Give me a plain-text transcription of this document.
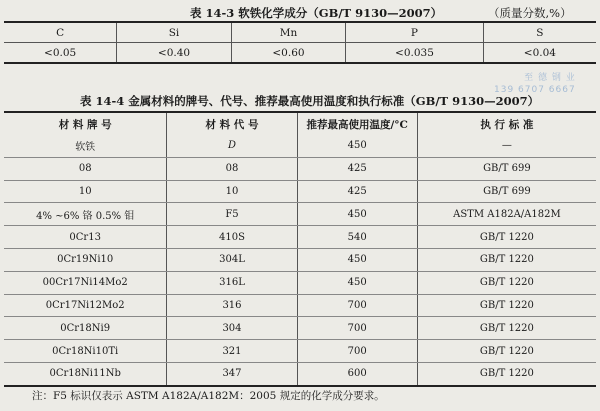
表 14-3 软铁化学成分（GB/T 9130—2007）	（质量分数,%）
C	Si	Mn	P	S
<0.05	<0.40	<0.60	<0.035	<0.04
至 德 钢 业
139 6707 6667
表 14-4 金属材料的牌号、代号、推荐最高使用温度和执行标准（GB/T 9130—2007）
材 料 牌 号	材 料 代 号	推荐最高使用温度/°C	执 行 标 准
软铁	D	450	—
08	08	425	GB/T 699
10	10	425	GB/T 699
4% ~6% 铬 0.5% 钼	F5	450	ASTM A182A/A182M
0Cr13	410S	540	GB/T 1220
0Cr19Ni10	304L	450	GB/T 1220
00Cr17Ni14Mo2	316L	450	GB/T 1220
0Cr17Ni12Mo2	316	700	GB/T 1220
0Cr18Ni9	304	700	GB/T 1220
0Cr18Ni10Ti	321	700	GB/T 1220
0Cr18Ni11Nb	347	600	GB/T 1220
注：F5 标识仅表示 ASTM A182A/A182M：2005 规定的化学成分要求。
